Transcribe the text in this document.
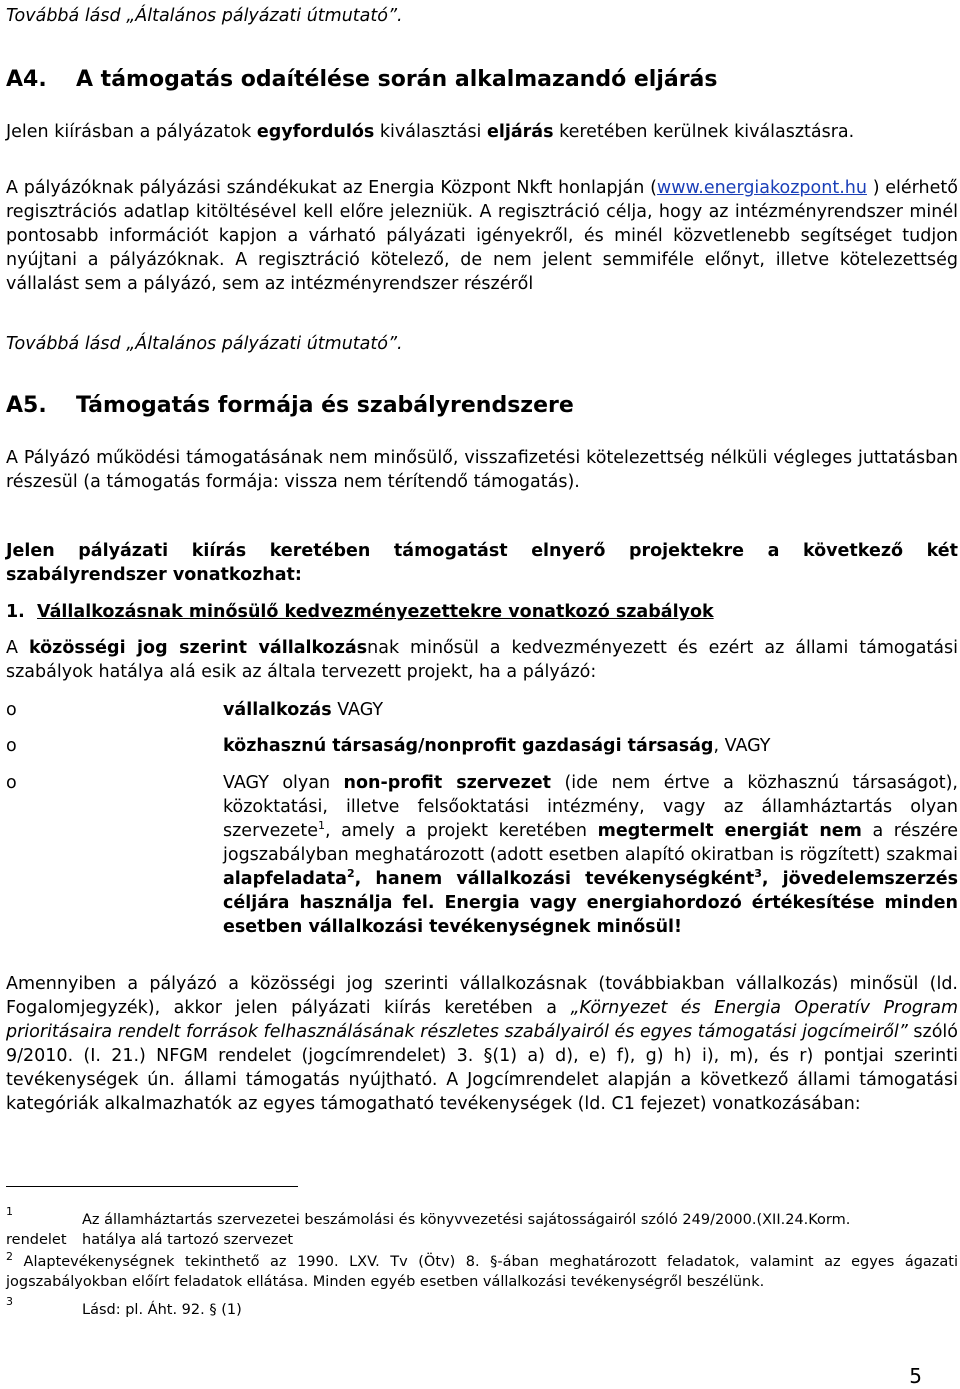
Továbbá lásd „Általános pályázati útmutató”.

A4. A támogatás odaítélése során alkalmazandó eljárás

Jelen kiírásban a pályázatok egyfordulós kiválasztási eljárás keretében kerülnek kiválasztásra.

A pályázóknak pályázási szándékukat az Energia Központ Nkft honlapján (www.energiakozpont.hu ) elérhető regisztrációs adatlap kitöltésével kell előre jelezniük. A regisztráció célja, hogy az intézményrendszer minél pontosabb információt kapjon a várható pályázati igényekről, és minél közvetlenebb segítséget tudjon nyújtani a pályázóknak. A regisztráció kötelező, de nem jelent semmiféle előnyt, illetve kötelezettség vállalást sem a pályázó, sem az intézményrendszer részéről

Továbbá lásd „Általános pályázati útmutató”.

A5. Támogatás formája és szabályrendszere

A Pályázó működési támogatásának nem minősülő, visszafizetési kötelezettség nélküli végleges juttatásban részesül (a támogatás formája: vissza nem térítendő támogatás).

Jelen pályázati kiírás keretében támogatást elnyerő projektekre a következő két szabályrendszer vonatkozhat:

1. Vállalkozásnak minősülő kedvezményezettekre vonatkozó szabályok

A közösségi jog szerint vállalkozásnak minősül a kedvezményezett és ezért az állami támogatási szabályok hatálya alá esik az általa tervezett projekt, ha a pályázó:

o	vállalkozás VAGY
o	közhasznú társaság/nonprofit gazdasági társaság, VAGY
o	VAGY olyan non-profit szervezet (ide nem értve a közhasznú társaságot), közoktatási, illetve felsőoktatási intézmény, vagy az államháztartás olyan szervezete$^1$, amely a projekt keretében megtermelt energiát nem a részére jogszabályban meghatározott (adott esetben alapító okiratban is rögzített) szakmai alapfeladata$^2$, hanem vállalkozási tevékenységként$^3$, jövedelemszerzés céljára használja fel. Energia vagy energiahordozó értékesítése minden esetben vállalkozási tevékenységnek minősül!

Amennyiben a pályázó a közösségi jog szerinti vállalkozásnak (továbbiakban vállalkozás) minősül (ld. Fogalomjegyzék), akkor jelen pályázati kiírás keretében a „Környezet és Energia Operatív Program prioritásaira rendelt források felhasználásának részletes szabályairól és egyes támogatási jogcímeiről” szóló 9/2010. (I. 21.) NFGM rendelet (jogcímrendelet) 3. §(1) a) d), e) f), g) h) i), m), és r) pontjai szerinti tevékenységek ún. állami támogatás nyújtható. A Jogcímrendelet alapján a következő állami támogatási kategóriák alkalmazhatók az egyes támogatható tevékenységek (ld. C1 fejezet) vonatkozásában:

1
Az államháztartás szervezetei beszámolási és könyvvezetési sajátosságairól szóló 249/2000.(XII.24.Korm.
rendelet hatálya alá tartozó szervezet
$^2$ Alaptevékenységnek tekinthető az 1990. LXV. Tv (Ötv) 8. §-ában meghatározott feladatok, valamint az egyes ágazati jogszabályokban előírt feladatok ellátása. Minden egyéb esetben vállalkozási tevékenységről beszélünk.
3
Lásd: pl. Áht. 92. § (1)
5
